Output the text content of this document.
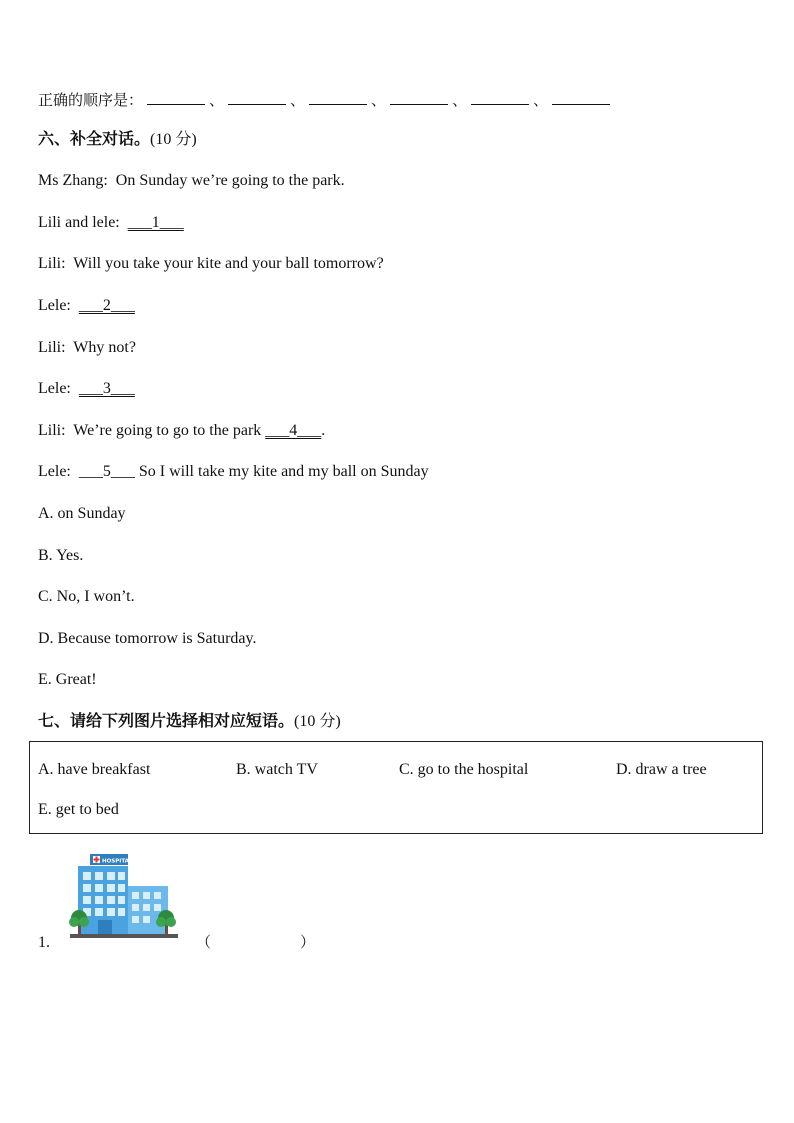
正确的顺序是：	、	、	、	、	、
六、补全对话。(10 分)
Ms Zhang: On Sunday we’re going to the park.
Lili and lele: ___1___
Lili: Will you take your kite and your ball tomorrow?
Lele: ___2___
Lili: Why not?
Lele: ___3___
Lili: We’re going to go to the park ___4___.
Lele: ___5___ So I will take my kite and my ball on Sunday
A. on Sunday
B. Yes.
C. No, I won’t.
D. Because tomorrow is Saturday.
E. Great!
七、请给下列图片选择相对应短语。(10 分)
A. have breakfast	B. watch TV	C. go to the hospital	D. draw a tree
E. get to bed
1.
HOSPITAL
（	）
